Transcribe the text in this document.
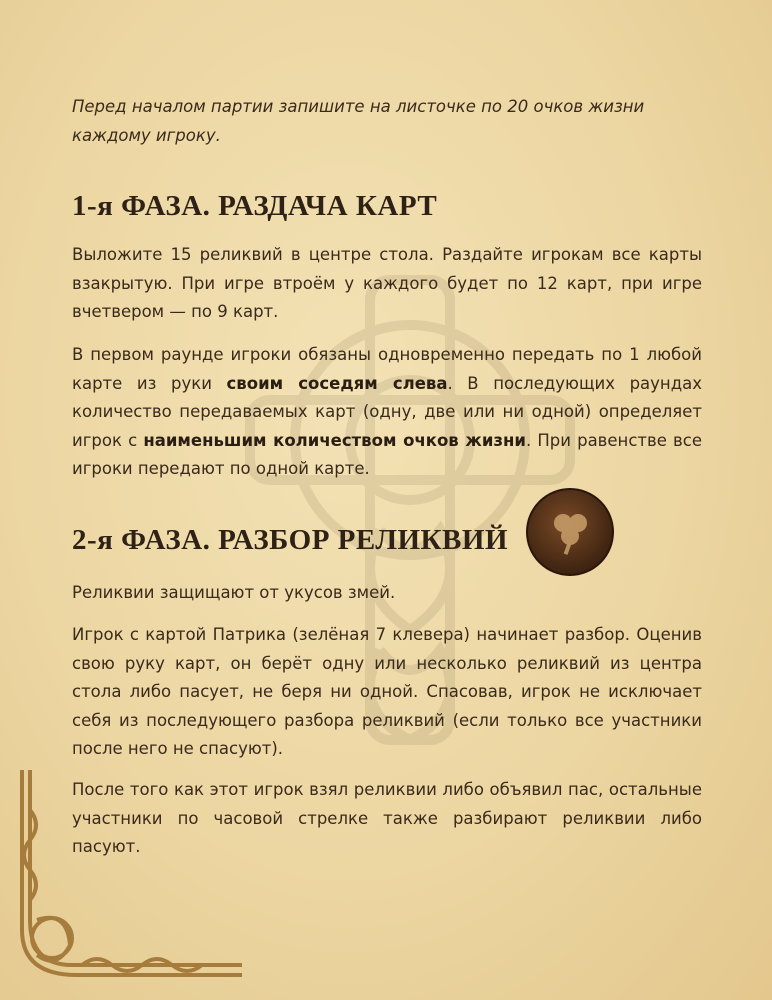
Перед началом партии запишите на листочке по 20 очков жизни каждому игроку.
1-я ФАЗА. РАЗДАЧА КАРТ

Выложите 15 реликвий в центре стола. Раздайте игрокам все карты взакрытую. При игре втроём у каждого будет по 12 карт, при игре вчетвером — по 9 карт.

В первом раунде игроки обязаны одновременно передать по 1 любой карте из руки своим соседям слева. В последующих раундах количество передаваемых карт (одну, две или ни одной) определяет игрок с наименьшим количеством очков жизни. При равенстве все игроки передают по одной карте.

2-я ФАЗА. РАЗБОР РЕЛИКВИЙ

Реликвии защищают от укусов змей.

Игрок с картой Патрика (зелёная 7 клевера) начинает разбор. Оценив свою руку карт, он берёт одну или несколько реликвий из центра стола либо пасует, не беря ни одной. Спасовав, игрок не исключает себя из последующего разбора реликвий (если только все участники после него не спасуют).

После того как этот игрок взял реликвии либо объявил пас, остальные участники по часовой стрелке также разбирают реликвии либо пасуют.
